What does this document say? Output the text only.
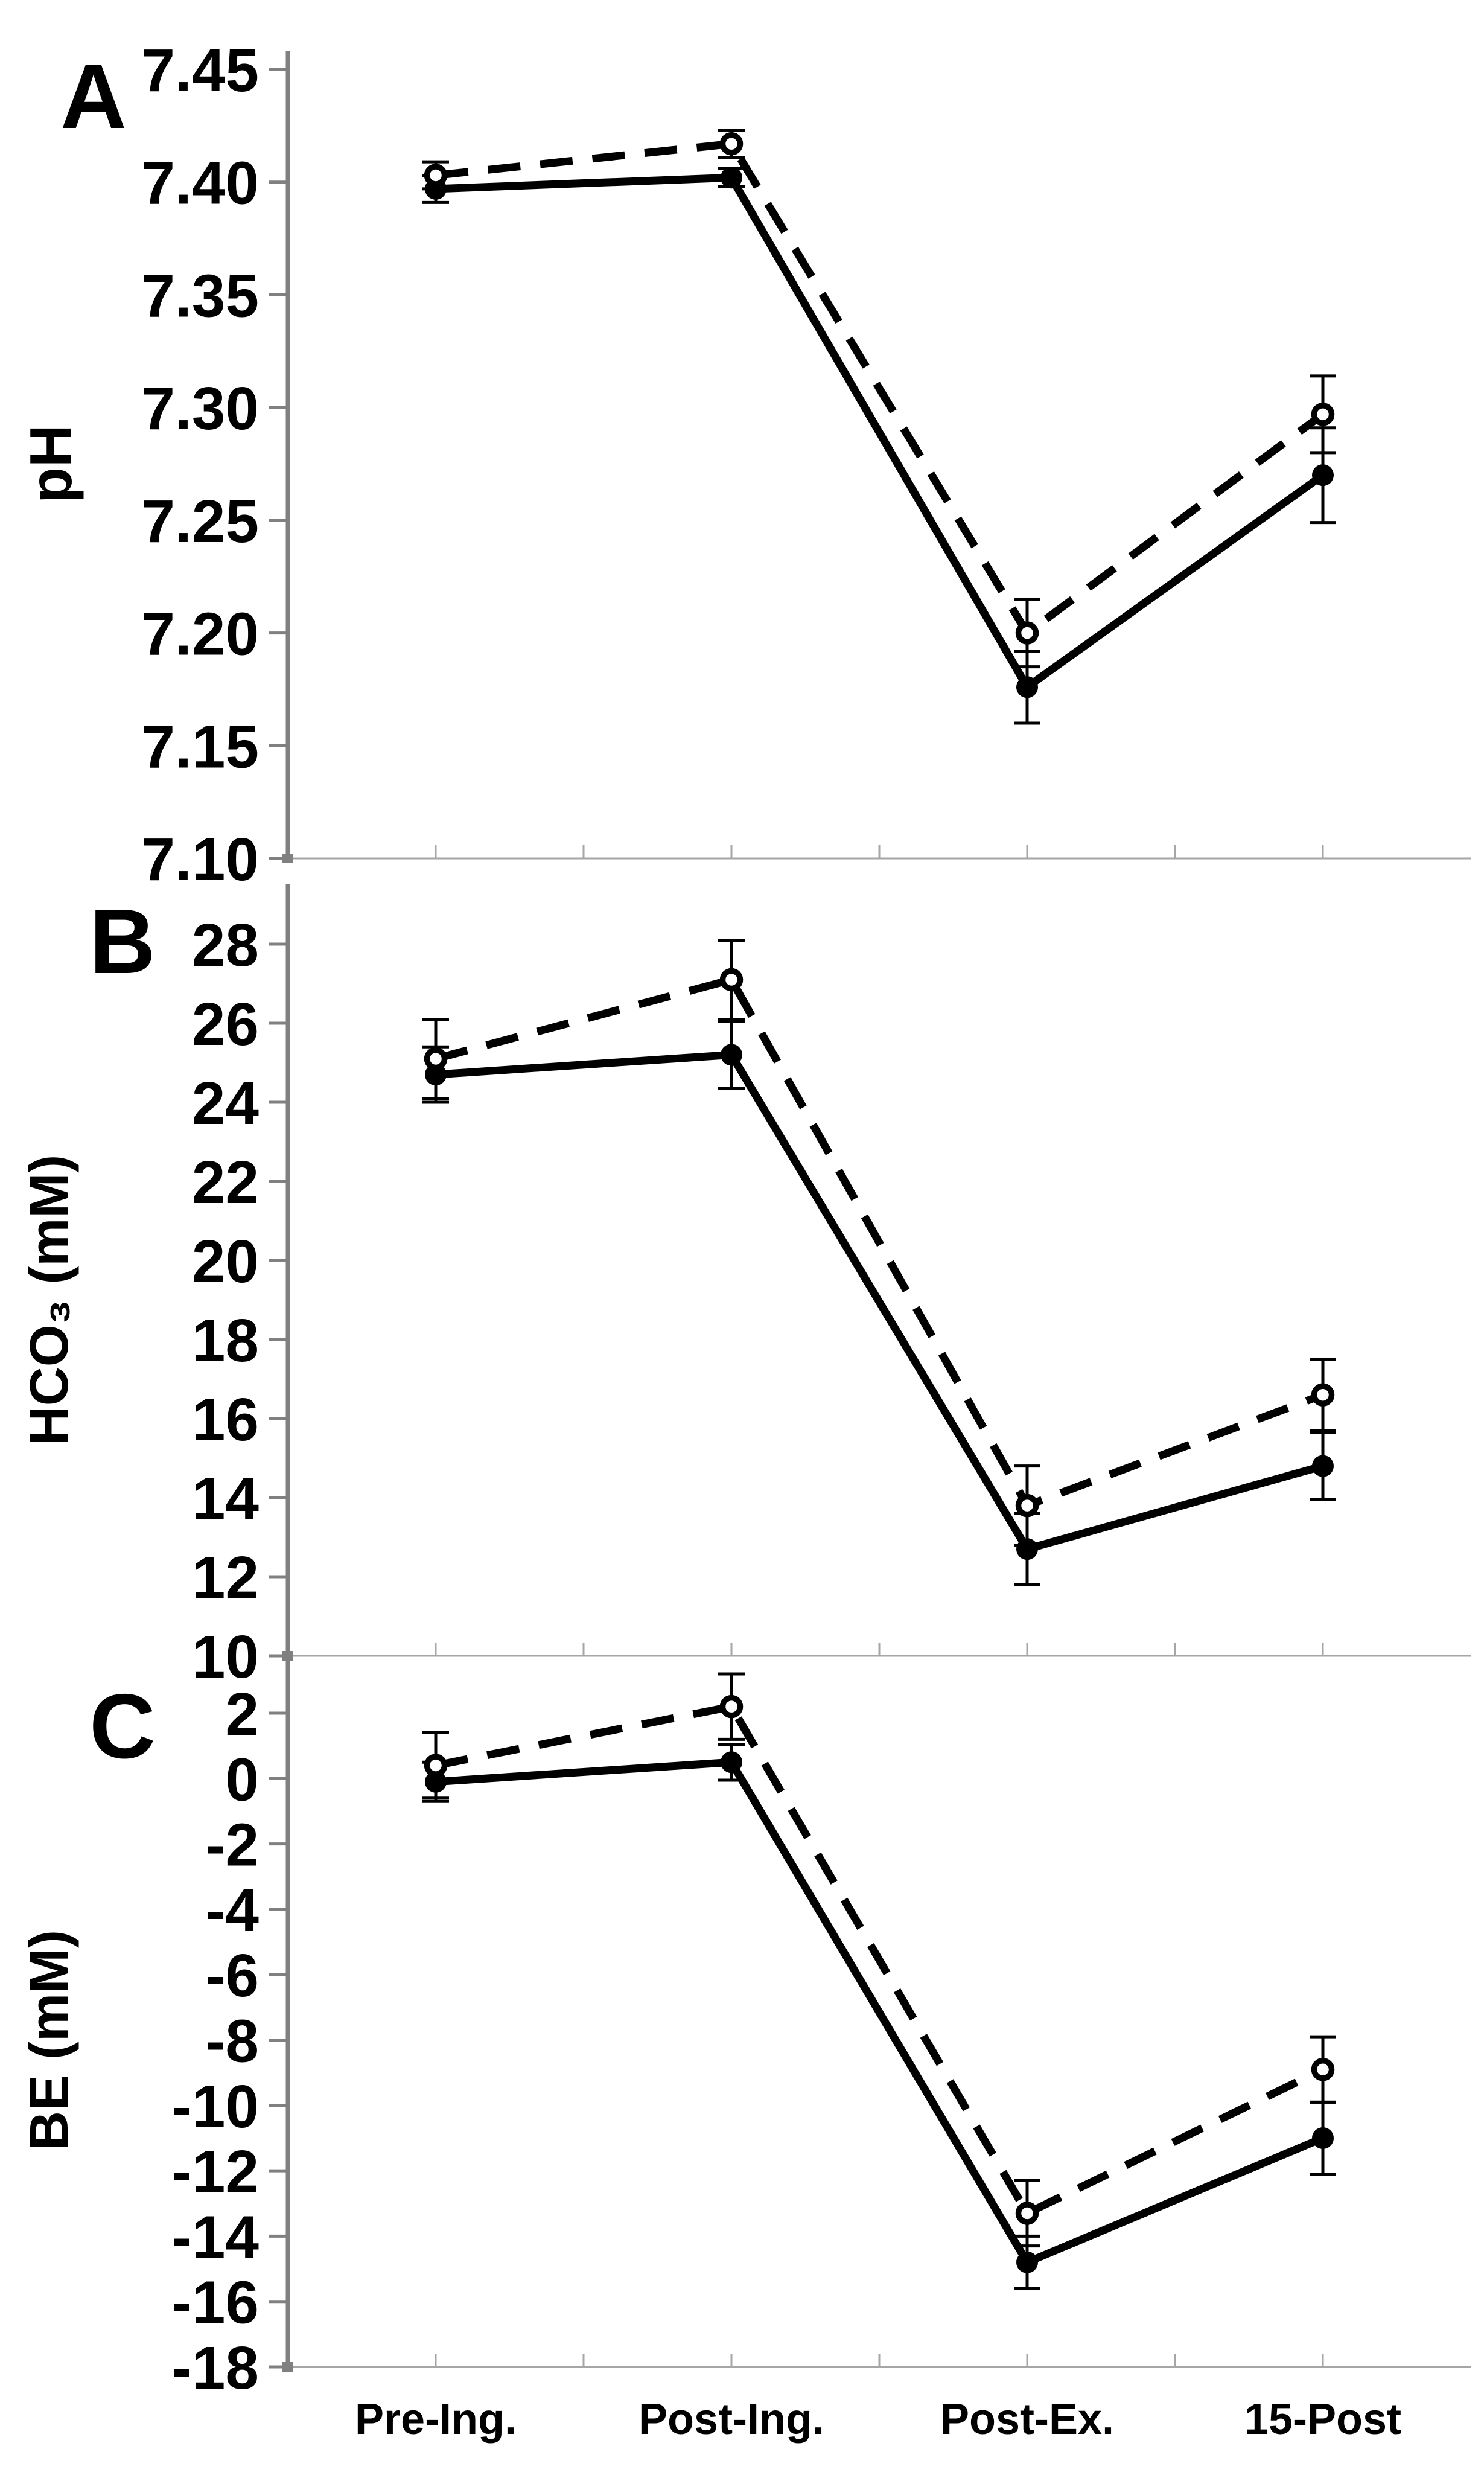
7.45
7.40
7.35
7.30
7.25
7.20
7.15
7.10
A
pH
28
26
24
22
20
18
16
14
12
10
B
HCO₃ (mM)
2
0
-2
-4
-6
-8
-10
-12
-14
-16
-18
C
BE (mM)
Pre-Ing.	Post-Ing.	Post-Ex.	15-Post
